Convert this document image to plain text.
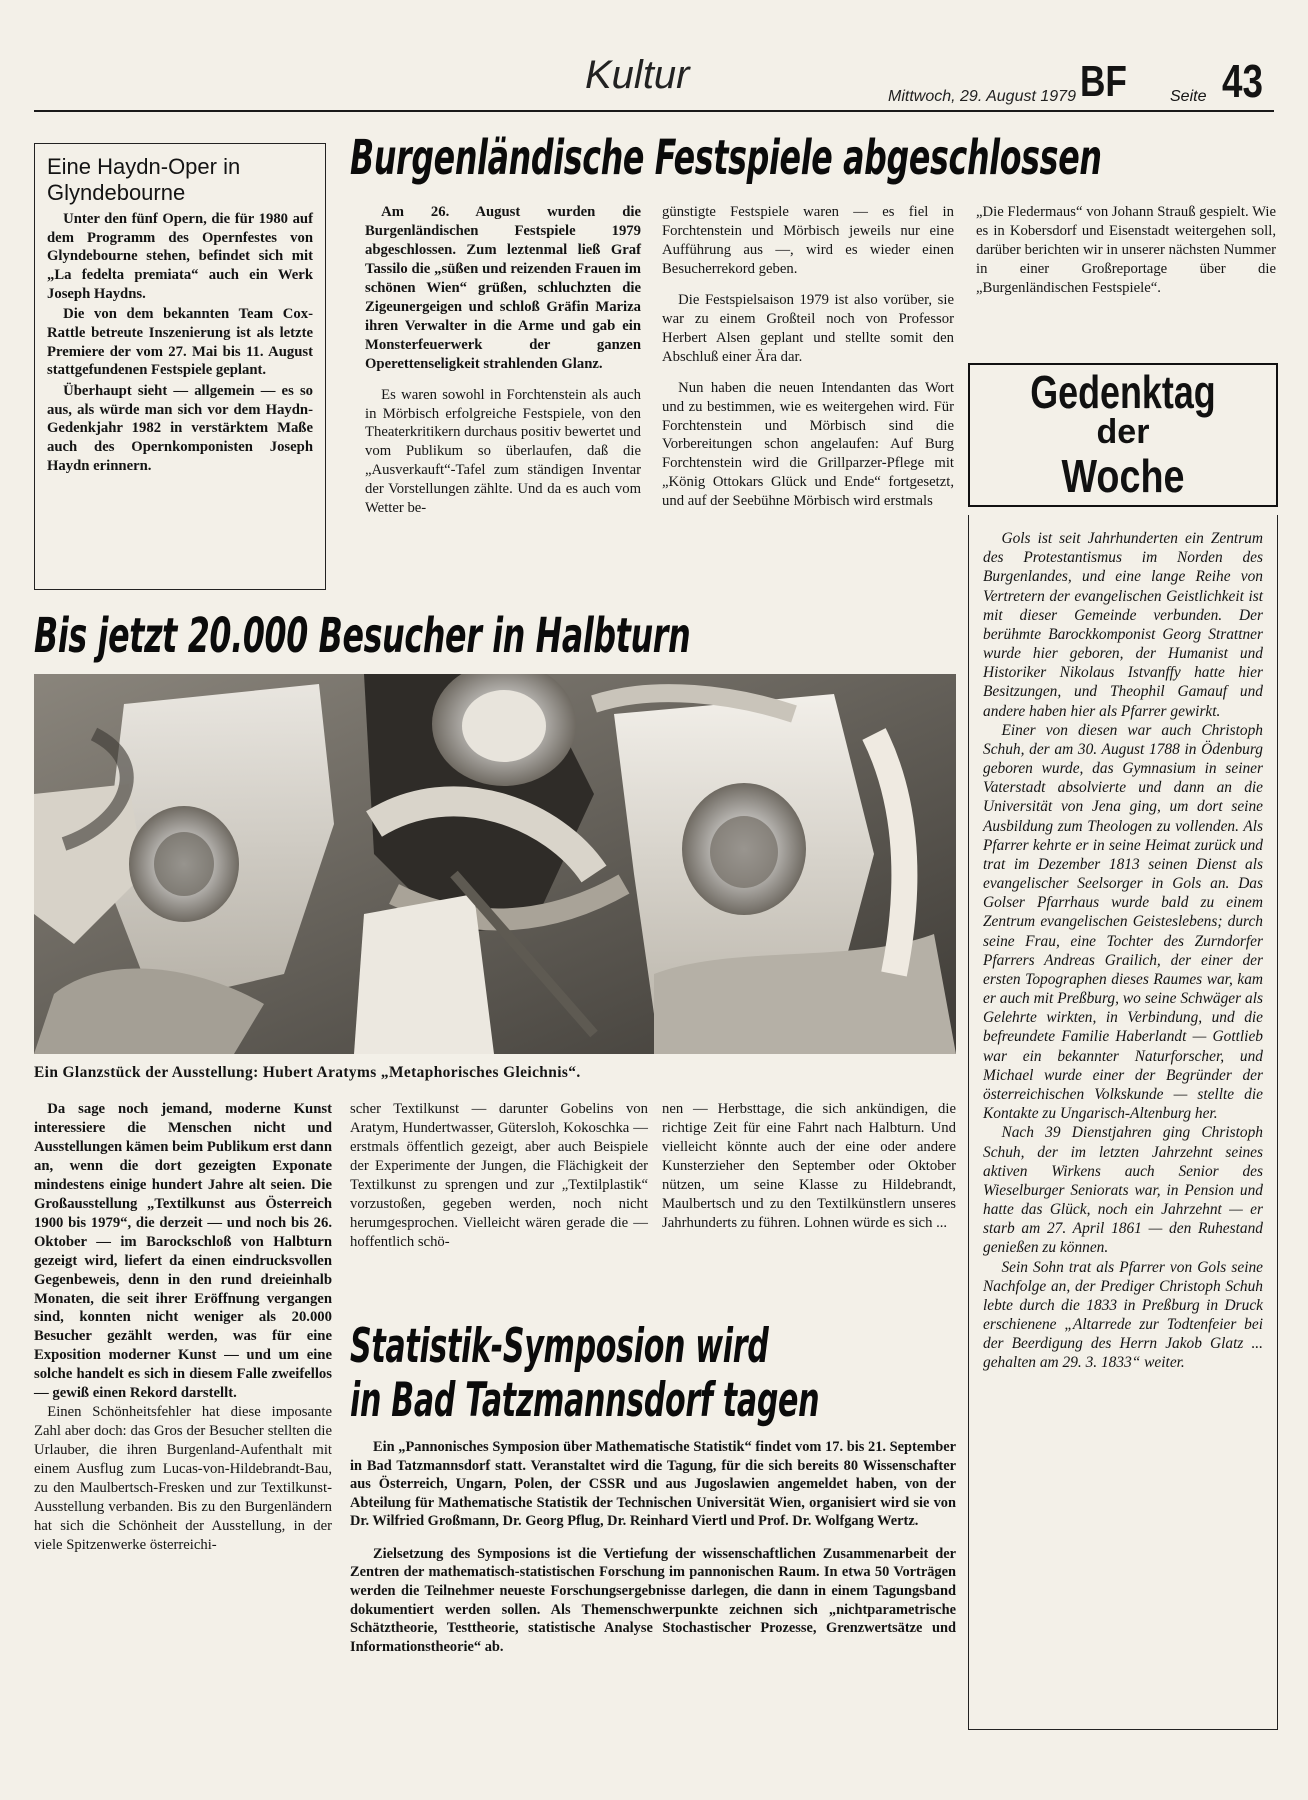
Kultur	Mittwoch, 29. August 1979 BF	Seite 43
Eine Haydn-Oper in Glyndebourne

Unter den fünf Opern, die für 1980 auf dem Programm des Opernfestes von Glyndebourne stehen, befindet sich mit „La fedelta premiata“ auch ein Werk Joseph Haydns.

Die von dem bekannten Team Cox-Rattle betreute Inszenierung ist als letzte Premiere der vom 27. Mai bis 11. August stattgefundenen Festspiele geplant.

Überhaupt sieht — allgemein — es so aus, als würde man sich vor dem Haydn-Gedenkjahr 1982 in verstärktem Maße auch des Opernkomponisten Joseph Haydn erinnern.

Burgenländische Festspiele abgeschlossen

Am 26. August wurden die Burgenländischen Festspiele 1979 abgeschlossen. Zum leztenmal ließ Graf Tassilo die „süßen und reizenden Frauen im schönen Wien“ grüßen, schluchzten die Zigeunergeigen und schloß Gräfin Mariza ihren Verwalter in die Arme und gab ein Monsterfeuerwerk der ganzen Operettenseligkeit strahlenden Glanz.

Es waren sowohl in Forchtenstein als auch in Mörbisch erfolgreiche Festspiele, von den Theaterkritikern durchaus positiv bewertet und vom Publikum so überlaufen, daß die „Ausverkauft“-Tafel zum ständigen Inventar der Vorstellungen zählte. Und da es auch vom Wetter be-

günstigte Festspiele waren — es fiel in Forchtenstein und Mörbisch jeweils nur eine Aufführung aus —, wird es wieder einen Besucherrekord geben.

Die Festspielsaison 1979 ist also vorüber, sie war zu einem Großteil noch von Professor Herbert Alsen geplant und stellte somit den Abschluß einer Ära dar.

Nun haben die neuen Intendanten das Wort und zu bestimmen, wie es weitergehen wird. Für Forchtenstein und Mörbisch sind die Vorbereitungen schon angelaufen: Auf Burg Forchtenstein wird die Grillparzer-Pflege mit „König Ottokars Glück und Ende“ fortgesetzt, und auf der Seebühne Mörbisch wird erstmals

„Die Fledermaus“ von Johann Strauß gespielt. Wie es in Kobersdorf und Eisenstadt weitergehen soll, darüber berichten wir in unserer nächsten Nummer in einer Großreportage über die „Burgenländischen Festspiele“.

Gedenktag
der
Woche

Gols ist seit Jahrhunderten ein Zentrum des Protestantismus im Norden des Burgenlandes, und eine lange Reihe von Vertretern der evangelischen Geistlichkeit ist mit dieser Gemeinde verbunden. Der berühmte Barockkomponist Georg Strattner wurde hier geboren, der Humanist und Historiker Nikolaus Istvanffy hatte hier Besitzungen, und Theophil Gamauf und andere haben hier als Pfarrer gewirkt.

Einer von diesen war auch Christoph Schuh, der am 30. August 1788 in Ödenburg geboren wurde, das Gymnasium in seiner Vaterstadt absolvierte und dann an die Universität von Jena ging, um dort seine Ausbildung zum Theologen zu vollenden. Als Pfarrer kehrte er in seine Heimat zurück und trat im Dezember 1813 seinen Dienst als evangelischer Seelsorger in Gols an. Das Golser Pfarrhaus wurde bald zu einem Zentrum evangelischen Geisteslebens; durch seine Frau, eine Tochter des Zurndorfer Pfarrers Andreas Grailich, der einer der ersten Topographen dieses Raumes war, kam er auch mit Preßburg, wo seine Schwäger als Gelehrte wirkten, in Verbindung, und die befreundete Familie Haberlandt — Gottlieb war ein bekannter Naturforscher, und Michael wurde einer der Begründer der österreichischen Volkskunde — stellte die Kontakte zu Ungarisch-Altenburg her.

Nach 39 Dienstjahren ging Christoph Schuh, der im letzten Jahrzehnt seines aktiven Wirkens auch Senior des Wieselburger Seniorats war, in Pension und hatte das Glück, noch ein Jahrzehnt — er starb am 27. April 1861 — den Ruhestand genießen zu können.

Sein Sohn trat als Pfarrer von Gols seine Nachfolge an, der Prediger Christoph Schuh lebte durch die 1833 in Preßburg in Druck erschienene „Altarrede zur Todtenfeier bei der Beerdigung des Herrn Jakob Glatz ... gehalten am 29. 3. 1833“ weiter.

Bis jetzt 20.000 Besucher in Halbturn
Ein Glanzstück der Ausstellung: Hubert Aratyms „Metaphorisches Gleichnis“.

Da sage noch jemand, moderne Kunst interessiere die Menschen nicht und Ausstellungen kämen beim Publikum erst dann an, wenn die dort gezeigten Exponate mindestens einige hundert Jahre alt seien. Die Großausstellung „Textilkunst aus Österreich 1900 bis 1979“, die derzeit — und noch bis 26. Oktober — im Barockschloß von Halbturn gezeigt wird, liefert da einen eindrucksvollen Gegenbeweis, denn in den rund dreieinhalb Monaten, die seit ihrer Eröffnung vergangen sind, konnten nicht weniger als 20.000 Besucher gezählt werden, was für eine Exposition moderner Kunst — und um eine solche handelt es sich in diesem Falle zweifellos — gewiß einen Rekord darstellt.

Einen Schönheitsfehler hat diese imposante Zahl aber doch: das Gros der Besucher stellten die Urlauber, die ihren Burgenland-Aufenthalt mit einem Ausflug zum Lucas-von-Hildebrandt-Bau, zu den Maulbertsch-Fresken und zur Textilkunst-Ausstellung verbanden. Bis zu den Burgenländern hat sich die Schönheit der Ausstellung, in der viele Spitzenwerke österreichi-

scher Textilkunst — darunter Gobelins von Aratym, Hundertwasser, Gütersloh, Kokoschka — erstmals öffentlich gezeigt, aber auch Beispiele der Experimente der Jungen, die Flächigkeit der Textilkunst zu sprengen und zur „Textilplastik“ vorzustoßen, gegeben werden, noch nicht herumgesprochen. Vielleicht wären gerade die — hoffentlich schö-

nen — Herbsttage, die sich ankündigen, die richtige Zeit für eine Fahrt nach Halbturn. Und vielleicht könnte auch der eine oder andere Kunsterzieher den September oder Oktober nützen, um seine Klasse zu Hildebrandt, Maulbertsch und zu den Textilkünstlern unseres Jahrhunderts zu führen. Lohnen würde es sich ...

Statistik-Symposion wird
in Bad Tatzmannsdorf tagen

Ein „Pannonisches Symposion über Mathematische Statistik“ findet vom 17. bis 21. September in Bad Tatzmannsdorf statt. Veranstaltet wird die Tagung, für die sich bereits 80 Wissenschafter aus Österreich, Ungarn, Polen, der CSSR und aus Jugoslawien angemeldet haben, von der Abteilung für Mathematische Statistik der Technischen Universität Wien, organisiert wird sie von Dr. Wilfried Großmann, Dr. Georg Pflug, Dr. Reinhard Viertl und Prof. Dr. Wolfgang Wertz.

Zielsetzung des Symposions ist die Vertiefung der wissenschaftlichen Zusammenarbeit der Zentren der mathematisch-statistischen Forschung im pannonischen Raum. In etwa 50 Vorträgen werden die Teilnehmer neueste Forschungsergebnisse darlegen, die dann in einem Tagungsband dokumentiert werden sollen. Als Themenschwerpunkte zeichnen sich „nichtparametrische Schätztheorie, Testtheorie, statistische Analyse Stochastischer Prozesse, Grenzwertsätze und Informationstheorie“ ab.
